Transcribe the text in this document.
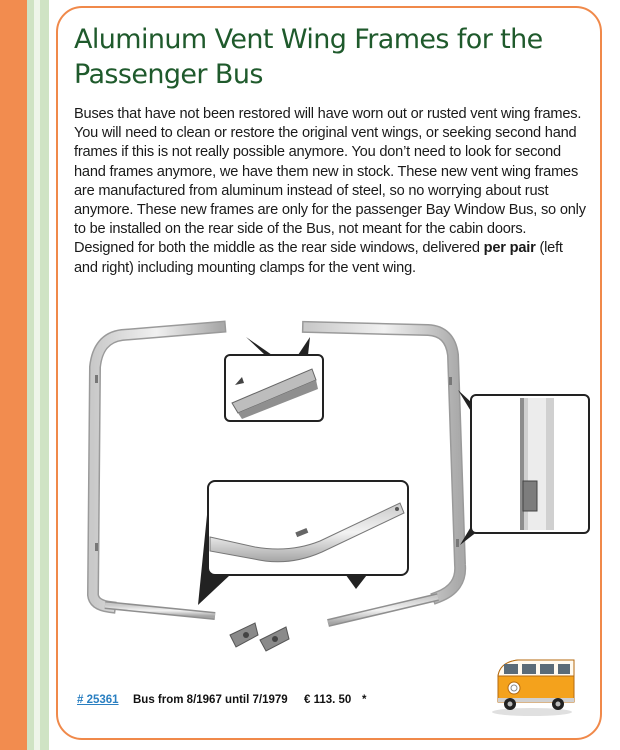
Aluminum Vent Wing Frames for the Passenger Bus

Buses that have not been restored will have worn out or rusted vent wing frames. You will need to clean or restore the original vent wings, or seeking second hand frames if this is not really possible anymore. You don’t need to look for second hand frames anymore, we have them new in stock. These new vent wing frames are manufactured from aluminum instead of steel, so no worrying about rust anymore. These new frames are only for the passenger Bay Window Bus, so only to be installed on the rear side of the Bus, not meant for the cabin doors. Designed for both the middle as the rear side windows, delivered per pair (left and right) including mounting clamps for the vent wing.

# 25361 Bus from 8/1967 until 7/1979 € 113. 50 *
